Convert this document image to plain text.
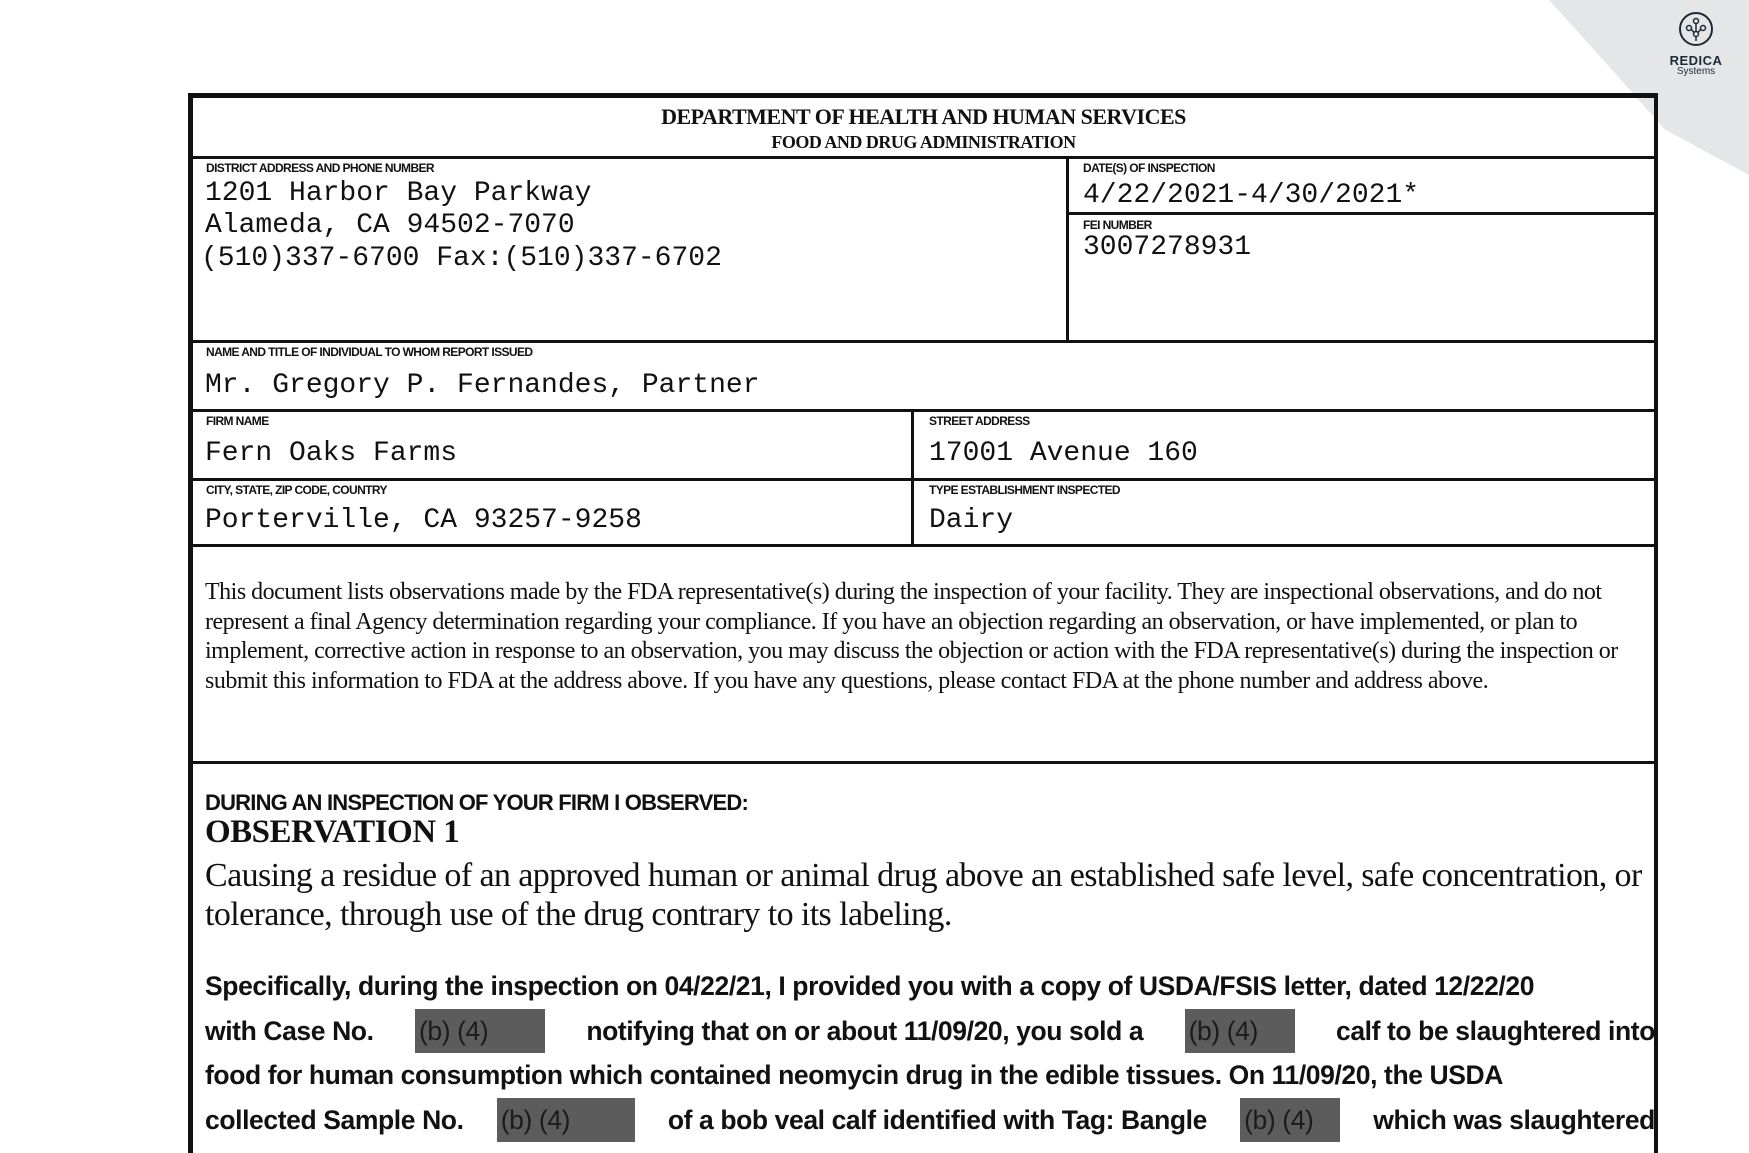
REDICA
Systems
DEPARTMENT OF HEALTH AND HUMAN SERVICES
FOOD AND DRUG ADMINISTRATION
DISTRICT ADDRESS AND PHONE NUMBER
1201 Harbor Bay Parkway
Alameda, CA 94502-7070
(510)337-6700 Fax:(510)337-6702
DATE(S) OF INSPECTION
4/22/2021-4/30/2021*
FEI NUMBER
3007278931
NAME AND TITLE OF INDIVIDUAL TO WHOM REPORT ISSUED
Mr. Gregory P. Fernandes, Partner
FIRM NAME
Fern Oaks Farms
STREET ADDRESS
17001 Avenue 160
CITY, STATE, ZIP CODE, COUNTRY
Porterville, CA 93257-9258
TYPE ESTABLISHMENT INSPECTED
Dairy
This document lists observations made by the FDA representative(s) during the inspection of your facility. They are inspectional observations, and do not represent a final Agency determination regarding your compliance. If you have an objection regarding an observation, or have implemented, or plan to implement, corrective action in response to an observation, you may discuss the objection or action with the FDA representative(s) during the inspection or submit this information to FDA at the address above. If you have any questions, please contact FDA at the phone number and address above.
DURING AN INSPECTION OF YOUR FIRM I OBSERVED:
OBSERVATION 1
Causing a residue of an approved human or animal drug above an established safe level, safe concentration, or tolerance, through use of the drug contrary to its labeling.
Specifically, during the inspection on 04/22/21, I provided you with a copy of USDA/FSIS letter, dated 12/22/20
with Case No. (b) (4)	notifying that on or about 11/09/20, you sold a (b) (4)	calf to be slaughtered into
food for human consumption which contained neomycin drug in the edible tissues. On 11/09/20, the USDA
collected Sample No. (b) (4)	of a bob veal calf identified with Tag: Bangle (b) (4)	which was slaughtered
